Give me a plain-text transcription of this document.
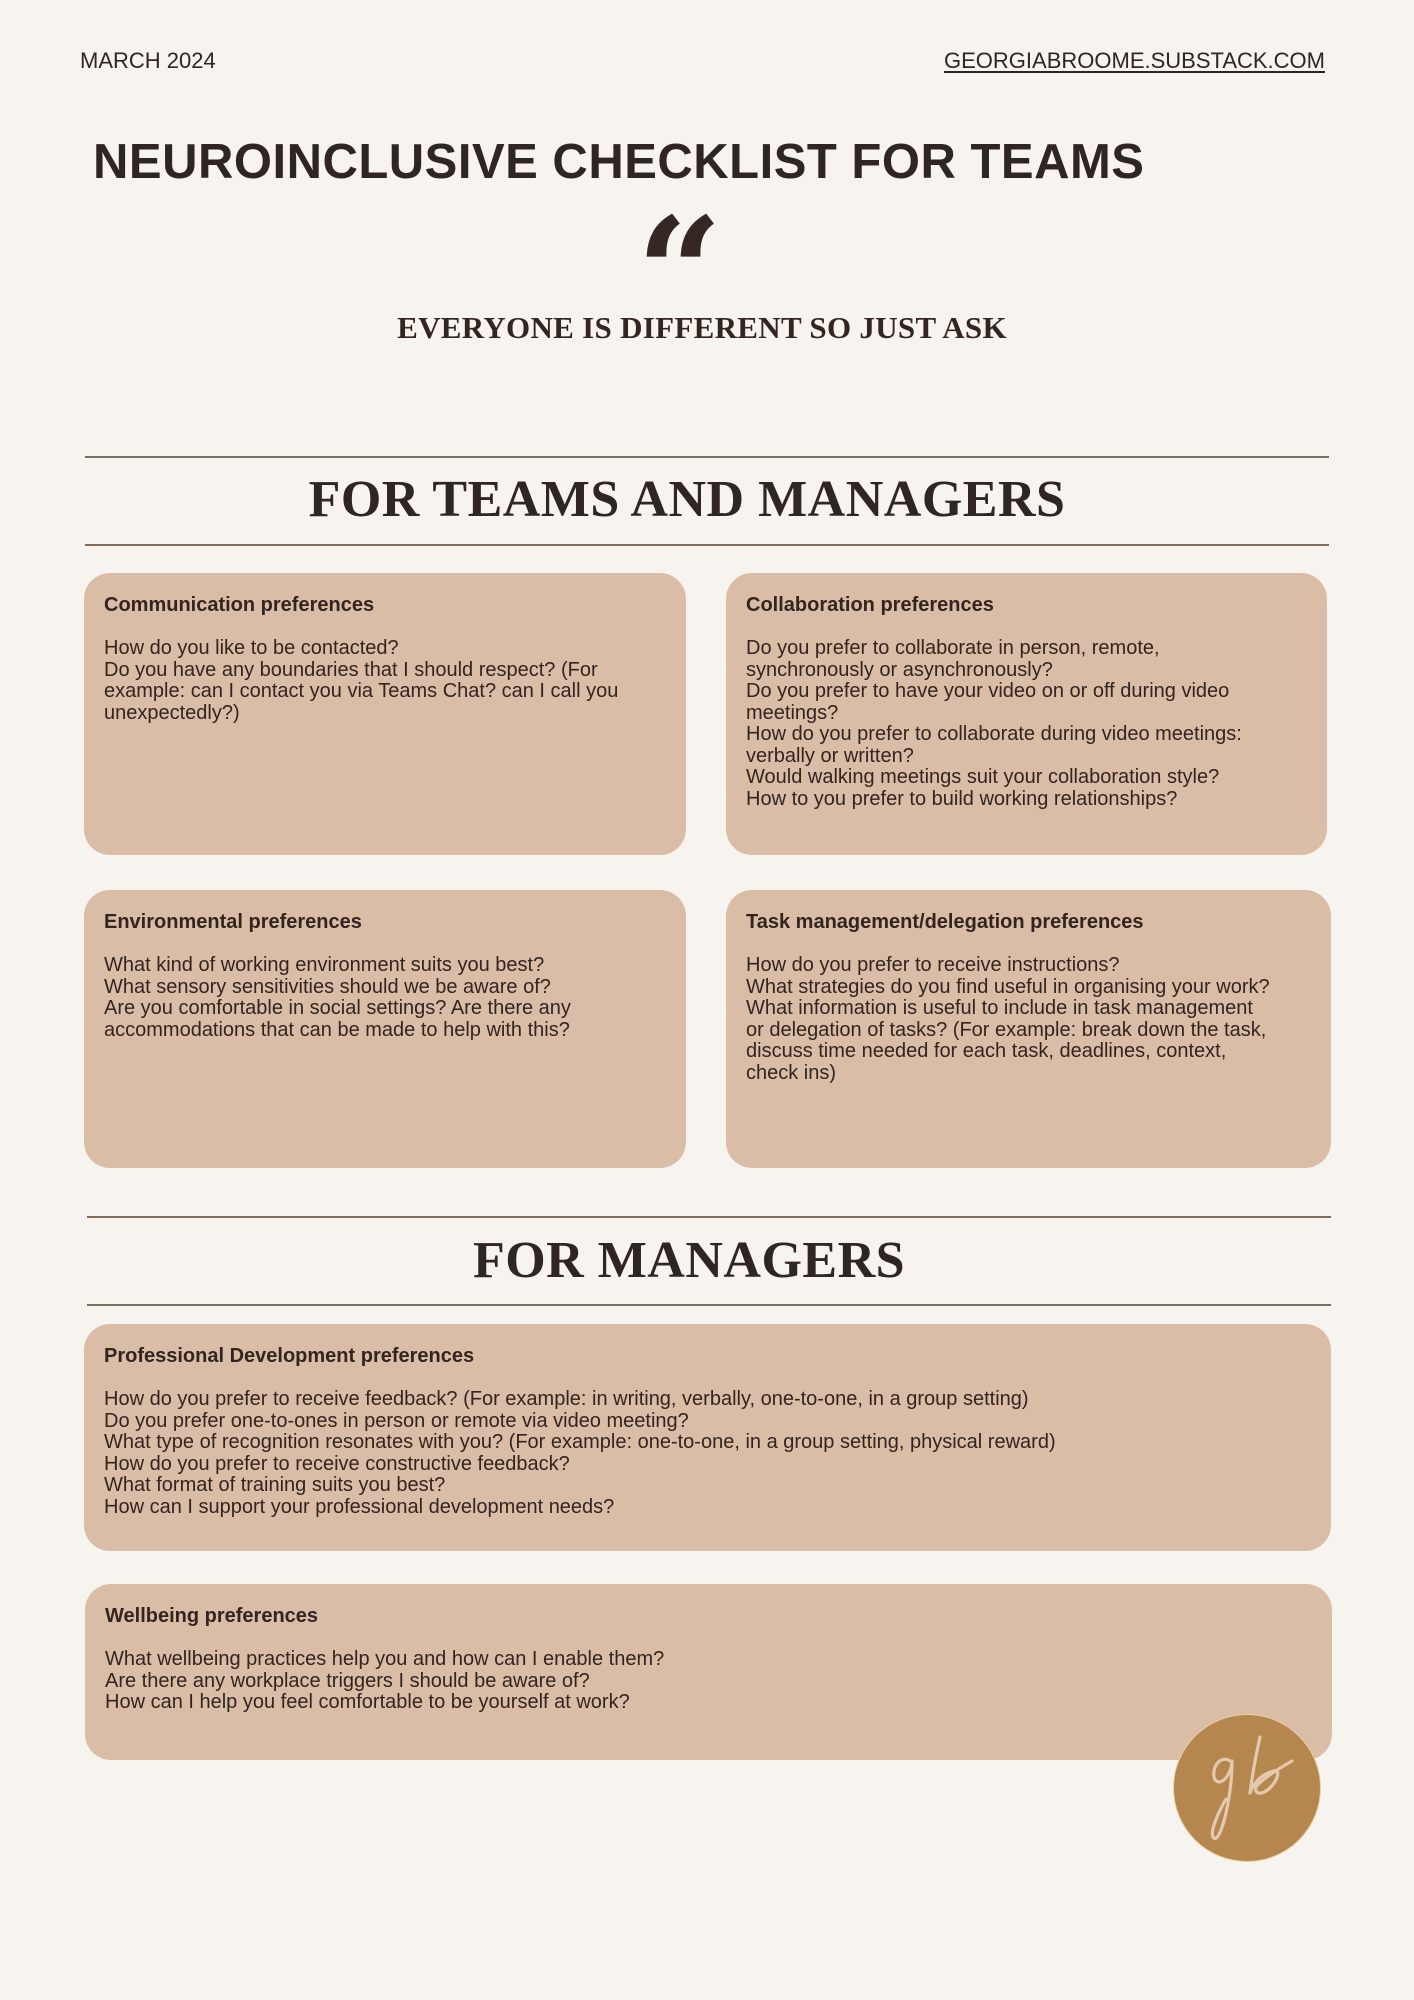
MARCH 2024	GEORGIABROOME.SUBSTACK.COM
NEUROINCLUSIVE CHECKLIST FOR TEAMS
“
EVERYONE IS DIFFERENT SO JUST ASK
FOR TEAMS AND MANAGERS
Communication preferences
How do you like to be contacted?
Do you have any boundaries that I should respect? (For
example: can I contact you via Teams Chat? can I call you
unexpectedly?)
Collaboration preferences
Do you prefer to collaborate in person, remote,
synchronously or asynchronously?
Do you prefer to have your video on or off during video
meetings?
How do you prefer to collaborate during video meetings:
verbally or written?
Would walking meetings suit your collaboration style?
How to you prefer to build working relationships?
Environmental preferences
What kind of working environment suits you best?
What sensory sensitivities should we be aware of?
Are you comfortable in social settings? Are there any
accommodations that can be made to help with this?
Task management/delegation preferences
How do you prefer to receive instructions?
What strategies do you find useful in organising your work?
What information is useful to include in task management
or delegation of tasks? (For example: break down the task,
discuss time needed for each task, deadlines, context,
check ins)
FOR MANAGERS
Professional Development preferences
How do you prefer to receive feedback? (For example: in writing, verbally, one-to-one, in a group setting)
Do you prefer one-to-ones in person or remote via video meeting?
What type of recognition resonates with you? (For example: one-to-one, in a group setting, physical reward)
How do you prefer to receive constructive feedback?
What format of training suits you best?
How can I support your professional development needs?
Wellbeing preferences
What wellbeing practices help you and how can I enable them?
Are there any workplace triggers I should be aware of?
How can I help you feel comfortable to be yourself at work?
